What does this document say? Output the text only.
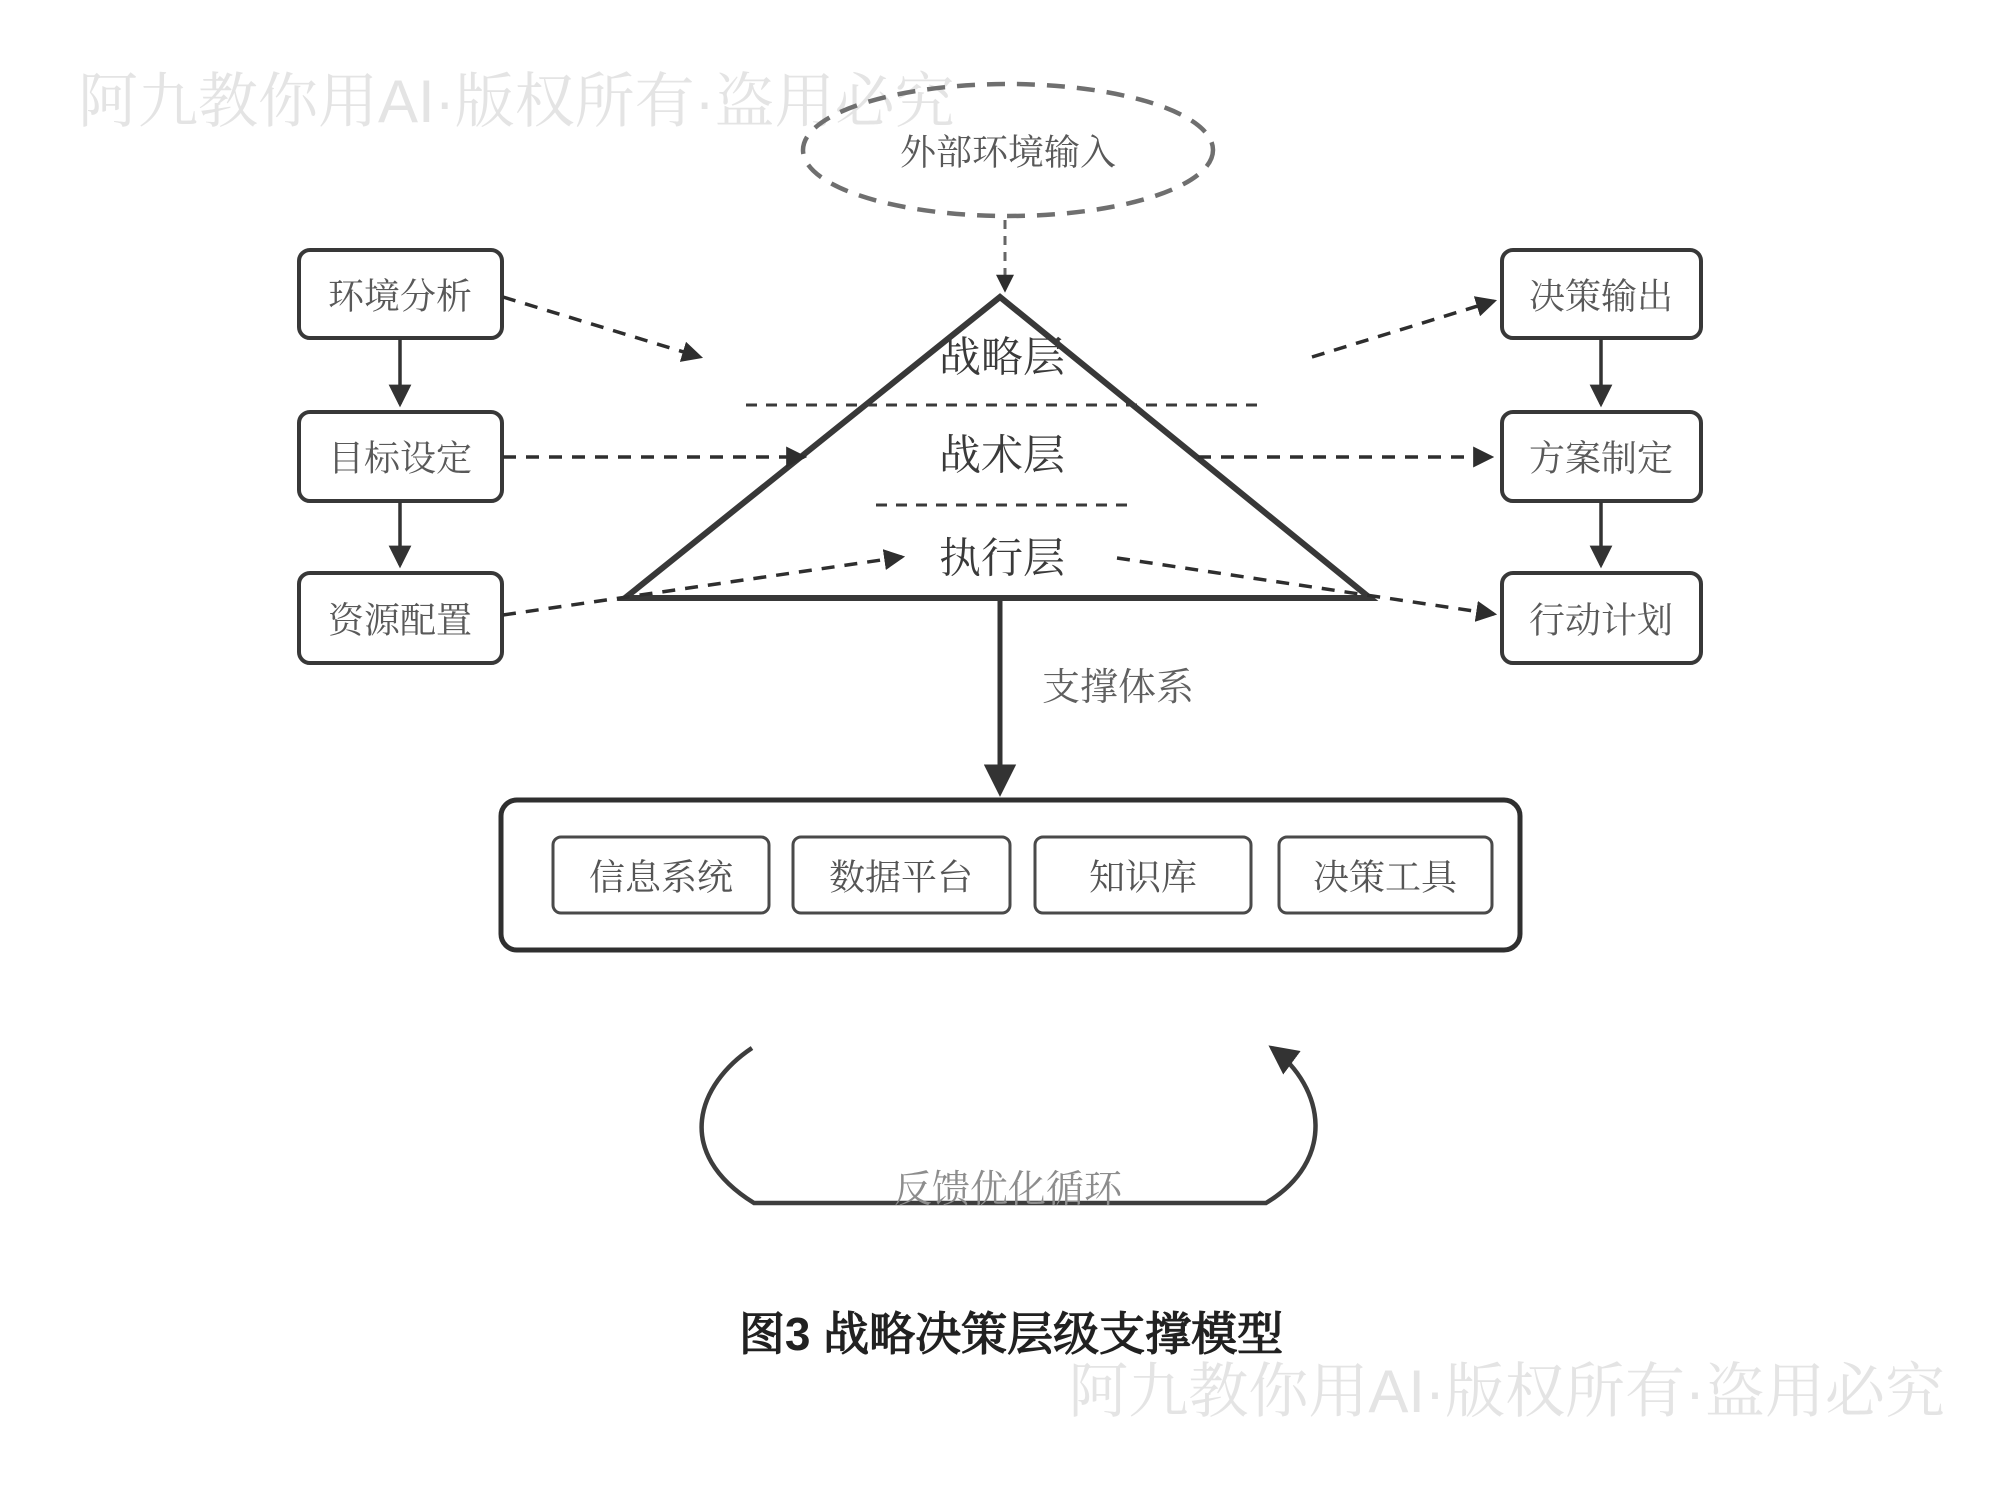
阿九教你用AI·版权所有·盗用必究
阿九教你用AI·版权所有·盗用必究
外部环境输入
战略层
战术层
执行层
环境分析
目标设定
资源配置
决策输出
方案制定
行动计划
支撑体系
信息系统	数据平台	知识库	决策工具
反馈优化循环
图3 战略决策层级支撑模型
